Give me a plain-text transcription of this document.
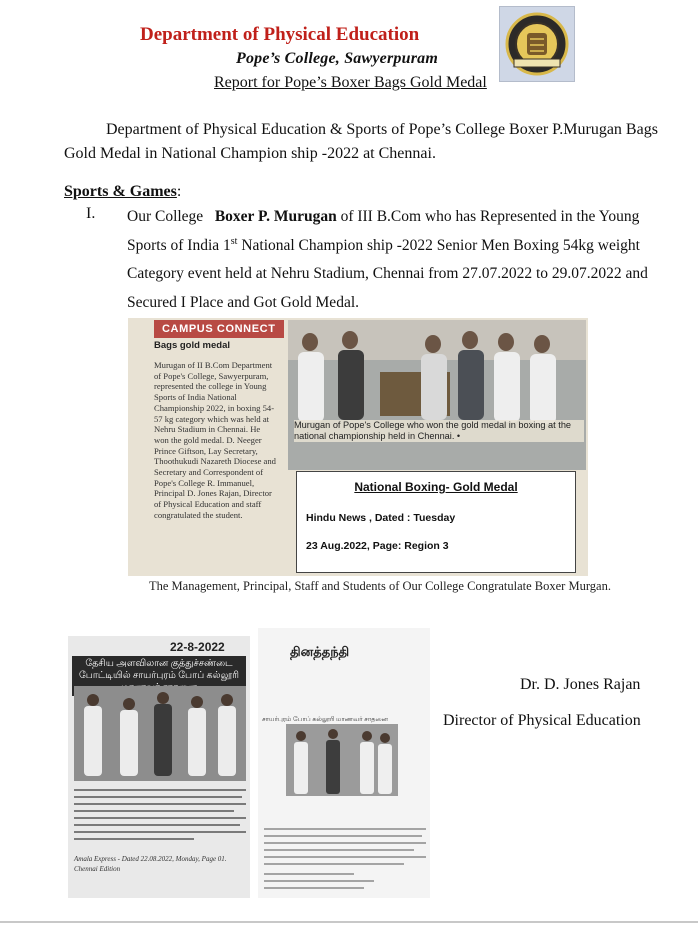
Department of Physical Education
Pope’s College, Sawyerpuram
Report for Pope’s Boxer Bags Gold Medal
Department of Physical Education & Sports of Pope’s College Boxer P.Murugan Bags Gold Medal in National Champion ship -2022 at Chennai.
Sports & Games:
I. Our College Boxer P. Murugan of III B.Com who has Represented in the Young Sports of India 1st National Champion ship -2022 Senior Men Boxing 54kg weight Category event held at Nehru Stadium, Chennai from 27.07.2022 to 29.07.2022 and Secured I Place and Got Gold Medal.
CAMPUS CONNECT
Bags gold medal
Murugan of II B.Com Department of Pope's College, Sawyerpuram, represented the college in Young Sports of India National Championship 2022, in boxing 54-57 kg category which was held at Nehru Stadium in Chennai. He won the gold medal. D. Neeger Prince Giftson, Lay Secretary, Thoothukudi Nazareth Diocese and Secretary and Correspondent of Pope's College R. Immanuel, Principal D. Jones Rajan, Director of Physical Education and staff congratulated the student.
Murugan of Pope's College who won the gold medal in boxing at the national championship held in Chennai. •
National Boxing- Gold Medal
Hindu News , Dated : Tuesday
23 Aug.2022, Page: Region 3
The Management, Principal, Staff and Students of Our College Congratulate Boxer Murgan.
22-8-2022
தேசிய அளவிலான குத்துச்சண்டை போட்டியில் சாயர்புரம் போப் கல்லூரி
Amala Express - Dated 22.08.2022, Monday, Page 01. Chennai Edition
தினத்தந்தி
சாயர்புரம் போப் கல்லூரி மாணவர் சாதனை
Dr. D. Jones Rajan
Director of Physical Education
